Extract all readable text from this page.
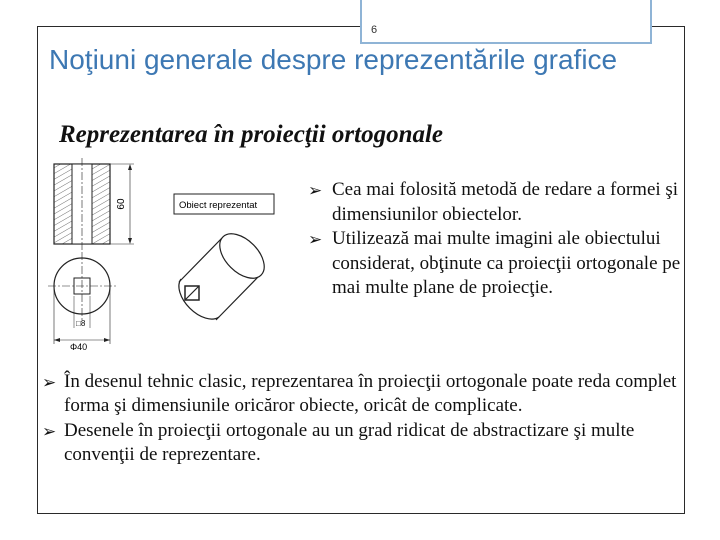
6
Noţiuni generale despre reprezentările grafice
Reprezentarea în proiecţii ortogonale
60
□8
Φ40
Obiect reprezentat
➢ Cea mai folosită metodă de redare a formei şi dimensiunilor obiectelor.
➢ Utilizează mai multe imagini ale obiectului considerat, obţinute ca proiecţii ortogonale pe mai multe plane de proiecţie.
➢ În desenul tehnic clasic, reprezentarea în proiecţii ortogonale poate reda complet forma şi dimensiunile oricăror obiecte, oricât de complicate.
➢ Desenele în proiecţii ortogonale au un grad ridicat de abstractizare şi multe convenţii de reprezentare.
